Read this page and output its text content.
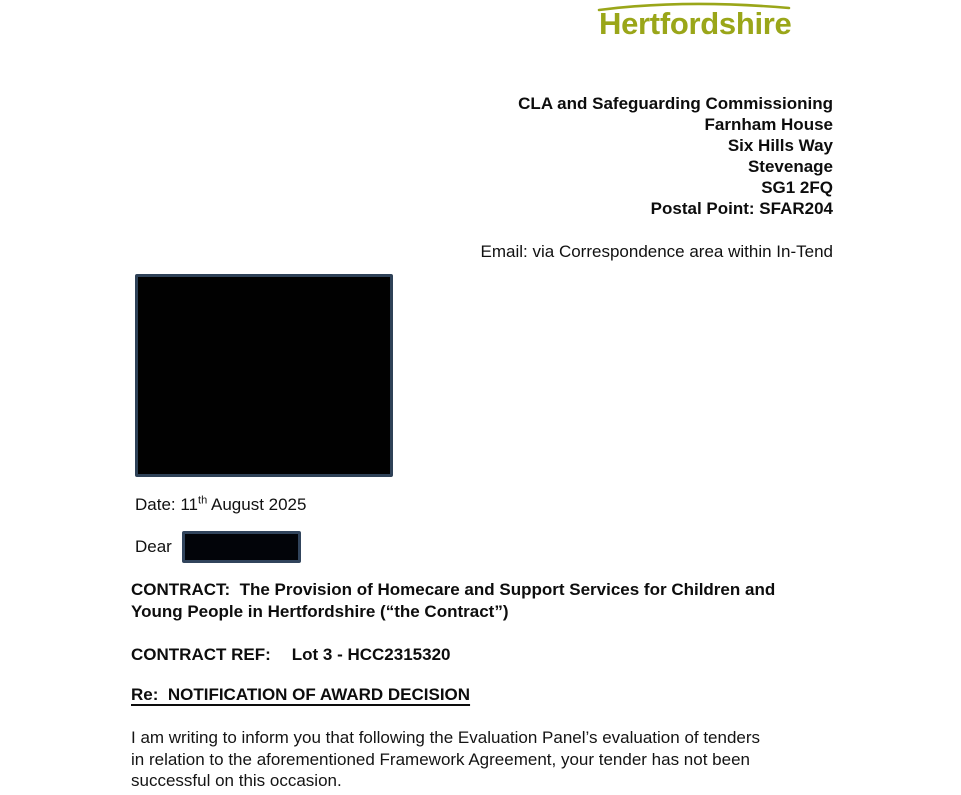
Hertfordshire
CLA and Safeguarding Commissioning
Farnham House
Six Hills Way
Stevenage
SG1 2FQ
Postal Point: SFAR204
Email: via Correspondence area within In-Tend
Date: 11th August 2025
Dear
CONTRACT:  The Provision of Homecare and Support Services for Children and
Young People in Hertfordshire (“the Contract”)
CONTRACT REF: Lot 3 - HCC2315320
Re:  NOTIFICATION OF AWARD DECISION
I am writing to inform you that following the Evaluation Panel’s evaluation of tenders
in relation to the aforementioned Framework Agreement, your tender has not been
successful on this occasion.
